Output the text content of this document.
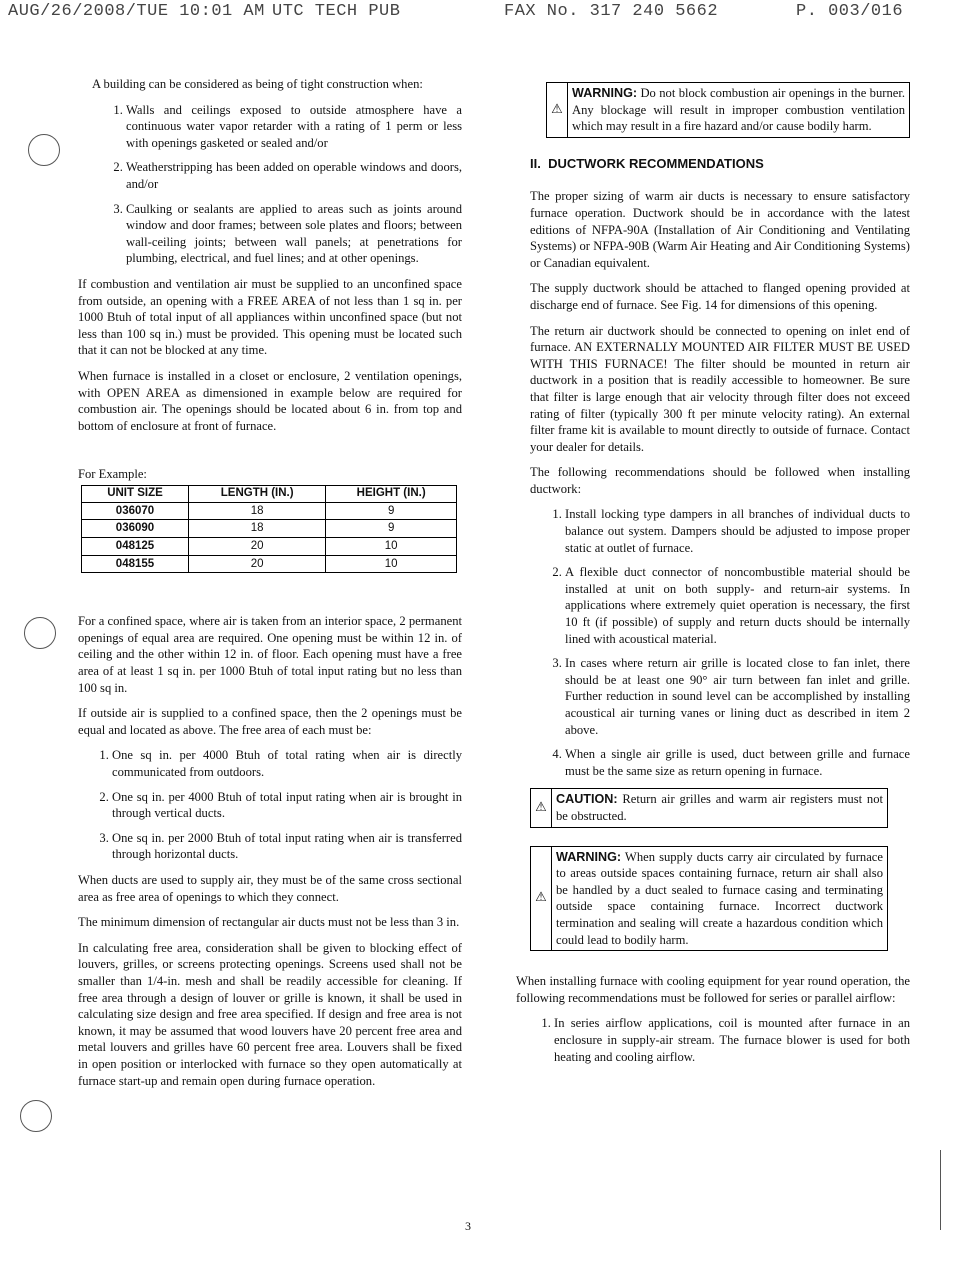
AUG/26/2008/TUE 10:01 AM UTC TECH PUB	FAX No. 317 240 5662	P. 003/016

A building can be considered as being of tight construction when:

1. Walls and ceilings exposed to outside atmosphere have a continuous water vapor retarder with a rating of 1 perm or less with openings gasketed or sealed and/or
2. Weatherstripping has been added on operable windows and doors, and/or
3. Caulking or sealants are applied to areas such as joints around window and door frames; between sole plates and floors; between wall-ceiling joints; between wall panels; at penetrations for plumbing, electrical, and fuel lines; and at other openings.

If combustion and ventilation air must be supplied to an unconfined space from outside, an opening with a FREE AREA of not less than 1 sq in. per 1000 Btuh of total input of all appliances within unconfined space (but not less than 100 sq in.) must be provided. This opening must be located such that it can not be blocked at any time.

When furnace is installed in a closet or enclosure, 2 ventilation openings, with OPEN AREA as dimensioned in example below are required for combustion air. The openings should be located about 6 in. from top and bottom of enclosure at front of furnace.

For Example:

UNIT SIZE	LENGTH (IN.)	HEIGHT (IN.)
036070	18	9
036090	18	9
048125	20	10
048155	20	10

For a confined space, where air is taken from an interior space, 2 permanent openings of equal area are required. One opening must be within 12 in. of ceiling and the other within 12 in. of floor. Each opening must have a free area of at least 1 sq in. per 1000 Btuh of total input rating but no less than 100 sq in.

If outside air is supplied to a confined space, then the 2 openings must be equal and located as above. The free area of each must be:

1. One sq in. per 4000 Btuh of total rating when air is directly communicated from outdoors.
2. One sq in. per 4000 Btuh of total input rating when air is brought in through vertical ducts.
3. One sq in. per 2000 Btuh of total input rating when air is transferred through horizontal ducts.

When ducts are used to supply air, they must be of the same cross sectional area as free area of openings to which they connect.

The minimum dimension of rectangular air ducts must not be less than 3 in.

In calculating free area, consideration shall be given to blocking effect of louvers, grilles, or screens protecting openings. Screens used shall not be smaller than 1/4-in. mesh and shall be readily accessible for cleaning. If free area through a design of louver or grille is known, it shall be used in calculating size design and free area specified. If design and free area is not known, it may be assumed that wood louvers have 20 percent free area and metal louvers and grilles have 60 percent free area. Louvers shall be fixed in open position or interlocked with furnace so they open automatically at furnace start-up and remain open during furnace operation.

⚠
WARNING: Do not block combustion air openings in the burner. Any blockage will result in improper combustion ventilation which may result in a fire hazard and/or cause bodily harm.
II. DUCTWORK RECOMMENDATIONS

The proper sizing of warm air ducts is necessary to ensure satisfactory furnace operation. Ductwork should be in accordance with the latest editions of NFPA-90A (Installation of Air Conditioning and Ventilating Systems) or NFPA-90B (Warm Air Heating and Air Conditioning Systems) or Canadian equivalent.

The supply ductwork should be attached to flanged opening provided at discharge end of furnace. See Fig. 14 for dimensions of this opening.

The return air ductwork should be connected to opening on inlet end of furnace. AN EXTERNALLY MOUNTED AIR FILTER MUST BE USED WITH THIS FURNACE! The filter should be mounted in return air ductwork in a position that is readily accessible to homeowner. Be sure that filter is large enough that air velocity through filter does not exceed rating of filter (typically 300 ft per minute velocity rating). An external filter frame kit is available to mount directly to outside of furnace. Contact your dealer for details.

The following recommendations should be followed when installing ductwork:

1. Install locking type dampers in all branches of individual ducts to balance out system. Dampers should be adjusted to impose proper static at outlet of furnace.
2. A flexible duct connector of noncombustible material should be installed at unit on both supply- and return-air systems. In applications where extremely quiet operation is necessary, the first 10 ft (if possible) of supply and return ducts should be internally lined with acoustical material.
3. In cases where return air grille is located close to fan inlet, there should be at least one 90° air turn between fan inlet and grille. Further reduction in sound level can be accomplished by installing acoustical air turning vanes or lining duct as described in item 2 above.
4. When a single air grille is used, duct between grille and furnace must be the same size as return opening in furnace.
⚠
CAUTION: Return air grilles and warm air registers must not be obstructed.
⚠
WARNING: When supply ducts carry air circulated by furnace to areas outside spaces containing furnace, return air shall also be handled by a duct sealed to furnace casing and terminating outside space containing furnace. Incorrect ductwork termination and sealing will create a hazardous condition which could lead to bodily harm.

When installing furnace with cooling equipment for year round operation, the following recommendations must be followed for series or parallel airflow:

1. In series airflow applications, coil is mounted after furnace in an enclosure in supply-air stream. The furnace blower is used for both heating and cooling airflow.
3
